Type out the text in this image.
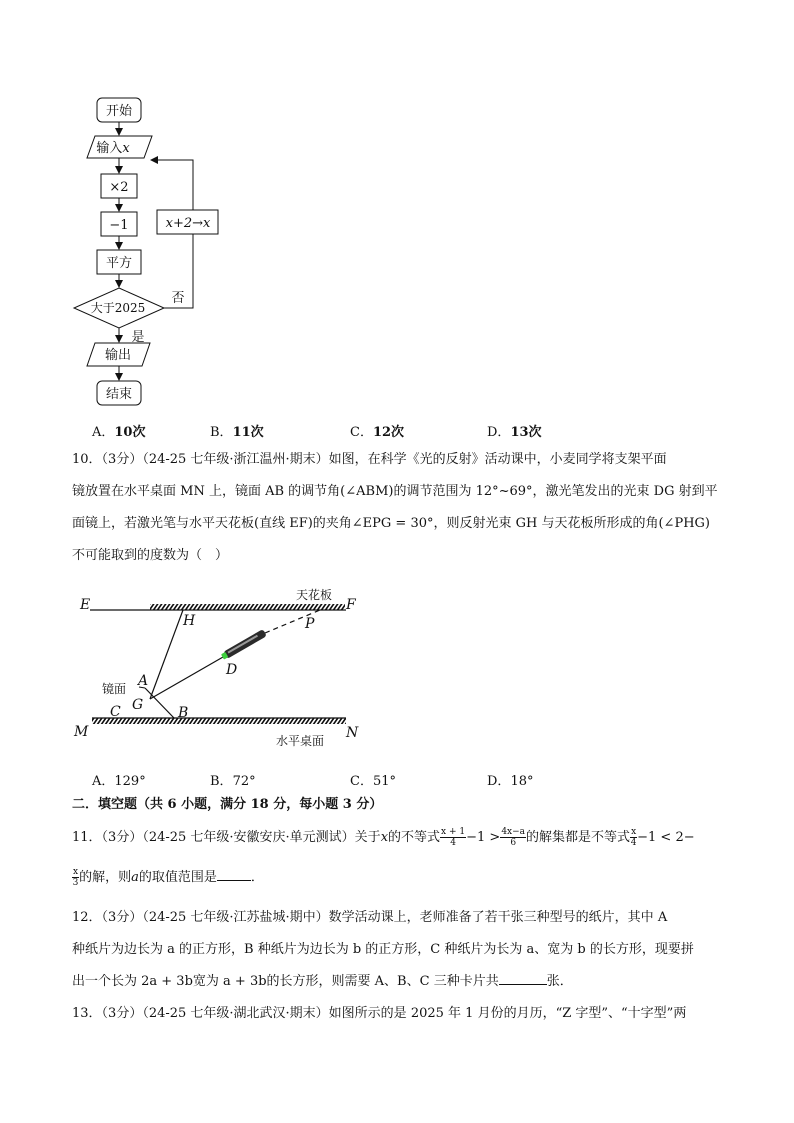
开始
输入x
×2
−1
平方
大于2025
否
是
输出
结束
x+2→x
A．10次	B．11次	C．12次	D．13次
10．（3分）（24-25 七年级·浙江温州·期末）如图，在科学《光的反射》活动课中，小麦同学将支架平面
镜放置在水平桌面 MN 上，镜面 AB 的调节角(∠ABM)的调节范围为 12°~69°，激光笔发出的光束 DG 射到平
面镜上，若激光笔与水平天花板(直线 EF)的夹角∠EPG = 30°，则反射光束 GH 与天花板所形成的角(∠PHG)
不可能取到的度数为（　）
E	F
H	P
D
A
G
C	B
M	N
天花板
镜面
水平桌面
A．129°	B．72°	C．51°	D．18°
二．填空题（共 6 小题，满分 18 分，每小题 3 分）
11．（3分）（24-25 七年级·安徽安庆·单元测试）关于x的不等式 $\frac{x + 1}{4} -1 > \frac{4x-a}{6}$ 的解集都是不等式 $\frac{x}{4} -1 < 2-$
$\frac{x}{3}$ 的解，则a的取值范围是	．
12．（3分）（24-25 七年级·江苏盐城·期中）数学活动课上，老师准备了若干张三种型号的纸片，其中 A
种纸片为边长为 a 的正方形，B 种纸片为边长为 b 的正方形，C 种纸片为长为 a、宽为 b 的长方形，现要拼
出一个长为 2a + 3b宽为 a + 3b的长方形，则需要 A、B、C 三种卡片共	张．
13．（3分）（24-25 七年级·湖北武汉·期末）如图所示的是 2025 年 1 月份的月历，“Z 字型”、“十字型”两
